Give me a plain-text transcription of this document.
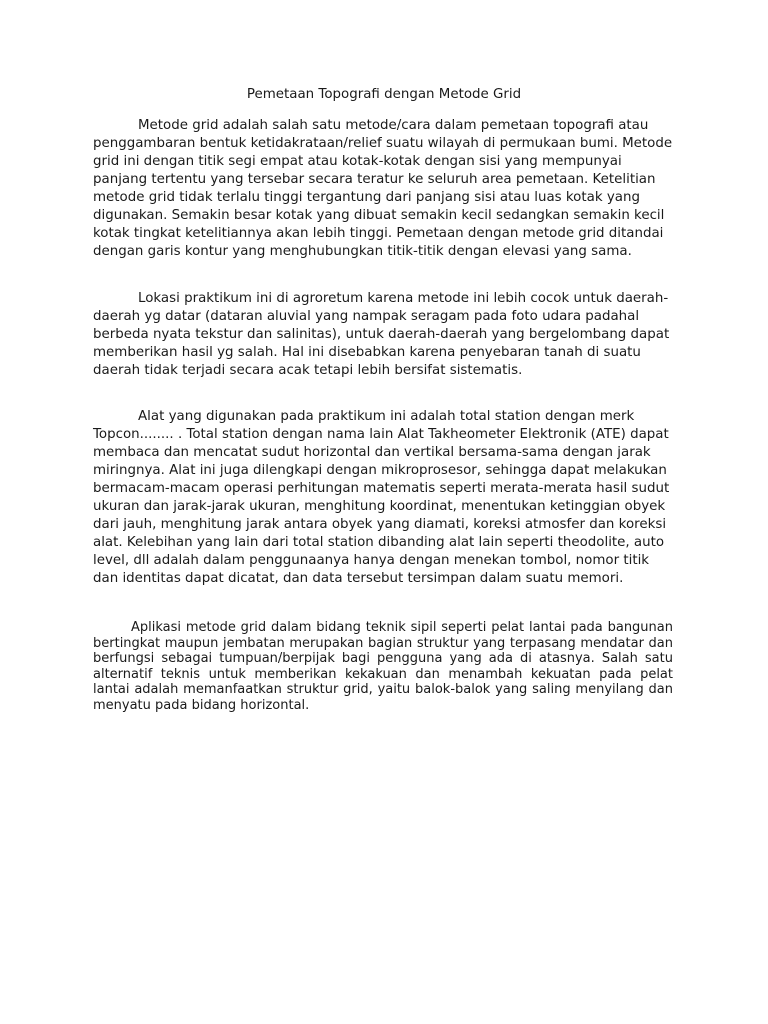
Pemetaan Topografi dengan Metode Grid

Metode grid adalah salah satu metode/cara dalam pemetaan topografi atau penggambaran bentuk ketidakrataan/relief suatu wilayah di permukaan bumi. Metode grid ini dengan titik segi empat atau kotak-kotak dengan sisi yang mempunyai panjang tertentu yang tersebar secara teratur ke seluruh area pemetaan. Ketelitian metode grid tidak terlalu tinggi tergantung dari panjang sisi atau luas kotak yang digunakan. Semakin besar kotak yang dibuat semakin kecil sedangkan semakin kecil kotak tingkat ketelitiannya akan lebih tinggi. Pemetaan dengan metode grid ditandai dengan garis kontur yang menghubungkan titik-titik dengan elevasi yang sama.

Lokasi praktikum ini di agroretum karena metode ini lebih cocok untuk daerah-daerah yg datar (dataran aluvial yang nampak seragam pada foto udara padahal berbeda nyata tekstur dan salinitas), untuk daerah-daerah yang bergelombang dapat memberikan hasil yg salah. Hal ini disebabkan karena penyebaran tanah di suatu daerah tidak terjadi secara acak tetapi lebih bersifat sistematis.

Alat yang digunakan pada praktikum ini adalah total station dengan merk Topcon........ . Total station dengan nama lain Alat Takheometer Elektronik (ATE) dapat membaca dan mencatat sudut horizontal dan vertikal bersama-sama dengan jarak miringnya. Alat ini juga dilengkapi dengan mikroprosesor, sehingga dapat melakukan bermacam-macam operasi perhitungan matematis seperti merata-merata hasil sudut ukuran dan jarak-jarak ukuran, menghitung koordinat, menentukan ketinggian obyek dari jauh, menghitung jarak antara obyek yang diamati, koreksi atmosfer dan koreksi alat. Kelebihan yang lain dari total station dibanding alat lain seperti theodolite, auto level, dll adalah dalam penggunaanya hanya dengan menekan tombol, nomor titik dan identitas dapat dicatat, dan data tersebut tersimpan dalam suatu memori.

Aplikasi metode grid dalam bidang teknik sipil seperti pelat lantai pada bangunan bertingkat maupun jembatan merupakan bagian struktur yang terpasang mendatar dan berfungsi sebagai tumpuan/berpijak bagi pengguna yang ada di atasnya. Salah satu alternatif teknis untuk memberikan kekakuan dan menambah kekuatan pada pelat lantai adalah memanfaatkan struktur grid, yaitu balok-balok yang saling menyilang dan menyatu pada bidang horizontal.
